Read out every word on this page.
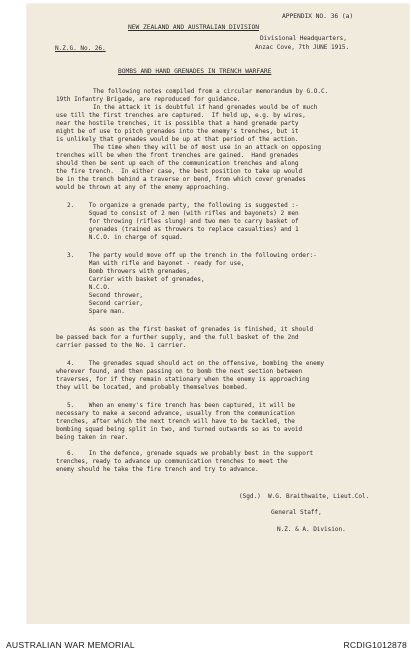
APPENDIX NO. 36 (a)

NEW ZEALAND AND AUSTRALIAN DIVISION

Divisional Headquarters,

N.Z.G. No. 26.	Anzac Cove, 7th JUNE 1915.

BOMBS AND HAND GRENADES IN TRENCH WARFARE

The following notes compiled from a circular memorandum by G.O.C.

19th Infantry Brigade, are reproduced for guidance.

In the attack it is doubtful if hand grenades would be of much

use till the first trenches are captured.  If held up, e.g. by wires,

near the hostile trenches, it is possible that a hand grenade party

might be of use to pitch grenades into the enemy's trenches, but it

is unlikely that grenades would be up at that period of the action.

The time when they will be of most use in an attack on opposing

trenches will be when the front trenches are gained.  Hand grenades

should then be sent up each of the communication trenches and along

the fire trench.  In either case, the best position to take up would

be in the trench behind a traverse or bend, from which cover grenades

would be thrown at any of the enemy approaching.

2.    To organize a grenade party, the following is suggested :-

Squad to consist of 2 men (with rifles and bayonets) 2 men

for throwing (rifles slung) and two men to carry basket of

grenades (trained as throwers to replace casualties) and 1

N.C.O. in charge of squad.

3.    The party would move off up the trench in the following order:-

Man with rifle and bayonet - ready for use,

Bomb throwers with grenades,

Carrier with basket of grenades,

N.C.O.

Second thrower,

Second carrier,

Spare man.

As soon as the first basket of grenades is finished, it should

be passed back for a further supply, and the full basket of the 2nd

carrier passed to the No. 1 carrier.

4.    The grenades squad should act on the offensive, bombing the enemy

wherever found, and then passing on to bomb the next section between

traverses, for if they remain stationary when the enemy is approaching

they will be located, and probably themselves bombed.

5.    When an enemy's fire trench has been captured, it will be

necessary to make a second advance, usually from the communication

trenches, after which the next trench will have to be tackled, the

bombing squad being split in two, and turned outwards so as to avoid

being taken in rear.

6.    In the defence, grenade squads we probably best in the support

trenches, ready to advance up communication trenches to meet the

enemy should he take the fire trench and try to advance.

(Sgd.)  W.G. Braithwaite, Lieut.Col.

General Staff,

N.Z. & A. Division.

AUSTRALIAN WAR MEMORIAL	RCDIG1012878
